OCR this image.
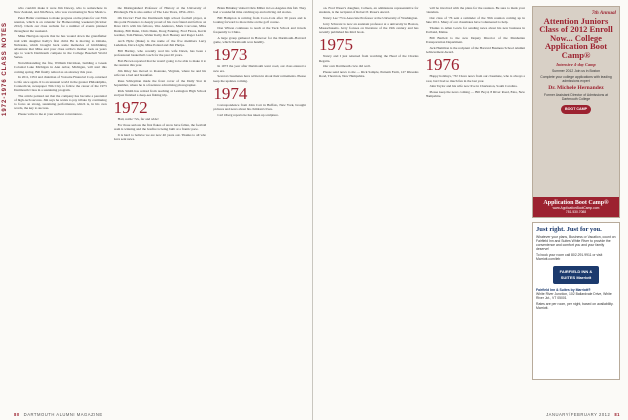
1972-1976 CLASS NOTES

who couldn't make it were Jim Dewey, who is somewhere in New Zealand, and Jim Bowe, who was vacationing in New Mexico.

Peter Haller continues to make progress on the plans for our 35th reunion, which is on calendar for Homecoming weekend (October 2012). Check our class website for a number of events planned throughout the weekend.

Mike Harrigan reports that he has wound down the grandfather trail with daughter Kelly's first child. He is moving to Omaha, Nebraska, which brought back some memories of hitchhiking adventure that Mike and your class scribe's mother took as years ago to watch Dartmouth compete in the College Baseball World Series.

Notwithstanding the fire, William Davidson, building a Greek Colonial Lake Michigan in Ann Arbor, Michigan, will start this coming spring. Bill finally retired as an attorney this year.

In 2011, CEO and chairman of Voloaire Financial Corp. returned to life once again. It is an unusual world in the greater Philadelphia, Connecticut, newspaper Tim Clay to follow the career of the 1973 Dartmouth Class in a sustaining program.

The article pointed out that the company has become a perennial of high-tech success. Jim says he wants to pay tribute by continuing to focus on strong, sustaining performance, which is, in his own words, the key to success.

Please write to me at your earliest convenience.

the Distinguished Professor of History at the University of Pittsburgh. He is also author of The Late Years, 1854–2011.

Oh Doctor! Fred the Dartmouth high school football player, at this point Fransisco is deeply proud of his own friend and fellow on Dave Orr's with his fellows, Wes Andrews, Mark Corcoran, Mike Dunlap, Bill Dunn, Chris Dunn, Doug Fanning, Fred Flores, Kevin Gardner, Tom Haines, Walter Kelly, Rob Heaney and Roger Ladd.

Arch Hyde (Duke) is the name of the five members Larry Ludeman, Dave Light, Mike Poland and Jim Phelps.

Bill Hartley, who recently wed his wife Dawn, has been a professional basketball coach for the past 20 years.

Bob Brown reported that he wasn't going to be able to make it to the reunion this year.

Jim Riley has moved to Roanoke, Virginia, where he and his wife run a bed and breakfast.

Russ Schleyman made the front cover of the Daily Star in September, where he is a freelance advertising photographer.

Rick Smith has retired from teaching at Lexington High School and just finished a deep-sea fishing trip.

1972

Hail, noble '72s, far and wide!

For those serious the first flakes of snow have fallen, the football team is winning and the bonfire is being built at a frantic pace.

It is hard to believe we are now 40 years out. Thanks to all who have sent news.

Brian Brinkley visited Chris Miller in Los Angeles this fall. They had a wonderful time catching up and reliving old stories.

Bill Hampton is retiring from Coca-Cola after 30 years and is looking forward to more time on the golf course.

Don Wilson continues to teach at the Tuck School and travels frequently to China.

A large group gathered in Hanover for the Dartmouth–Harvard game, which Dartmouth won handily.

1973

In 1973 the year after Dartmouth went coed, our class entered a new era.

Several classmates have written in about their retirements. Please keep the updates coming.

1974

Correspondence from John Carr in Buffalo, New York, brought pictures and news about his children's lives.

Carl Oberg reports he has taken up sculpture.

80 DARTMOUTH ALUMNI MAGAZINE

on. Fred Weser's daughter, Colleen, an admissions representative for students, is the recipient of Robert P. Pease's Award.

Nancy Lee '73 is Associate Professor at the University of Washington.

Jerry Schwarz is now an assistant professor at a university in Boston, Massachusetts. Jerry focuses on literature of the 19th century and has recently published his third book.

1975

Nancy and I just returned from watching the Head of the Charles Regatta.

Our own Dartmouth crew did well.

Please send news to me — Rick Sample, Putnam Farm, 127 Rhoades Road, Thornton, New Hampshire.

will be involved with the plans for the reunion. Be sure to mark your calendars.

Our class of '76 sent a reminder of the 35th reunion coming up in June 2011. Many of our classmates have volunteered to help.

Thanks to Allen Lewis for sending news about his new business in Portland, Maine.

Bill Bartlett is the new Deputy Director of the Manhattan Transportation Department.

Jack Hamilton is the recipient of the Harvard Business School Alumni Achievement Award.

1976

Happy holidays, '76! I have news from our classmate, who is always a treat, but I had so much fun in the last year.

John Taylor and his wife now live in Charleston, South Carolina.

Please keep the news coming — Bill Boyd, 8 River Road, Etna, New Hampshire.

7th Annual
Attention Juniors Class of 2012 Enroll Now... College Application Boot Camp®
Intensive 4-day Camp
Summer 2012 Join us in Boston
Complete your college applications with leading admissions expert
Dr. Michele Hernandez
Former Assistant Director of Admissions at Dartmouth College
BOOT CAMP
Application Boot Camp®
www.ApplicationBootCamp.com
781.530.7088
Just right. Just for you.
Whatever your plans, Business or Vacation, count on Fairfield Inn and Suites White River to provide the convenience and comfort you and your family deserve!
To book your room call 802.291.9911 or visit Marriott.com/leb
FAIRFIELD INN & SUITES Marriott
Fairfield Inn & Suites by Marriott®
White River Junction, 102 Ballardvale Drive, White River Jct., VT 05001
Rates are per room, per night, based on availability. Marriott.
JANUARY/FEBRUARY 2012 81
